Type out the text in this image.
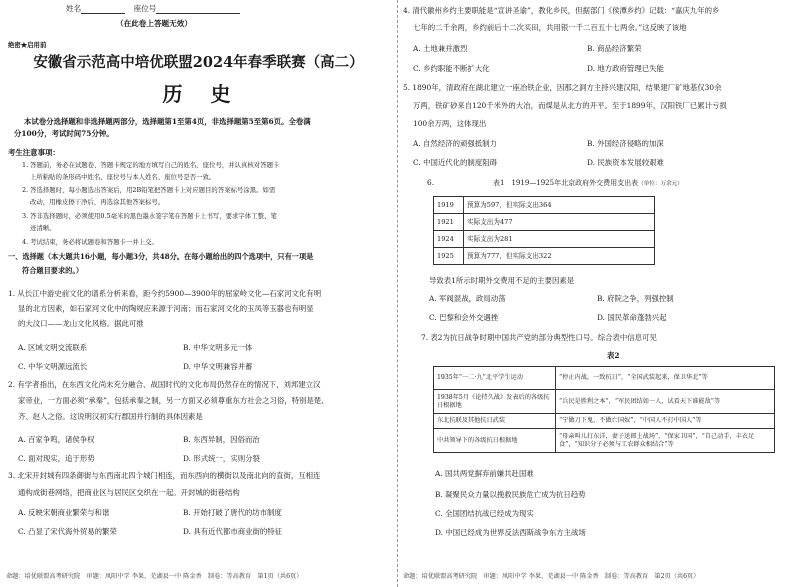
姓名	座位号
（在此卷上答题无效）
绝密★启用前
安徽省示范高中培优联盟2024年春季联赛（高二）
历　史
本试卷分选择题和非选择题两部分，选择题第1至第4页，非选择题第5至第6页。全卷满
分100分，考试时间75分钟。
考生注意事项：
1. 答题前，务必在试题卷、答题卡规定的地方填写自己的姓名、座位号，并认真核对答题卡
上所粘贴的条形码中姓名、座位号与本人姓名、座位号是否一致。
2. 答选择题时，每小题选出答案后，用2B铅笔把答题卡上对应题目的答案标号涂黑。如需
改动，用橡皮擦干净后，再选涂其他答案标号。
3. 答非选择题时，必须使用0.5毫米的黑色墨水签字笔在答题卡上书写，要求字体工整、笔
迹清晰。
4. 考试结束，务必将试题卷和答题卡一并上交。
一、选择题（本大题共16小题，每小题3分，共48分。在每小题给出的四个选项中，只有一项是
符合题目要求的。）
1. 从长江中游史前文化的谱系分析来看，距今约5900—3900年的屈家岭文化—石家河文化有明
显的北方因素，如石家河文化中的陶规应来源于河南；而石家河文化的玉凤等玉器也有明显
的大汶口——龙山文化风格。据此可推
A. 区域文明交流联系	B. 中华文明多元一体
C. 中华文明源远流长	D. 中华文明兼容并蓄
2. 有学者指出，在东西文化尚未充分融合、战国时代的文化布局仍然存在的情况下，刘邦建立汉
家帝业，一方面必须“承秦”，包括承秦之制，另一方面又必须尊重东方社会之习俗，特别是楚、
齐、赵人之俗。这说明汉初实行郡国并行制的具体因素是
A. 百家争鸣，诸侯争权	B. 东西异制，因俗而治
C. 面对现实，追于形势	D. 形式统一，实则分裂
3. 北宋开封城有四条御街与东西南北四个城门相连，而东西向的横街以及南北向的直街，互相连
通构成街巷网络，把商业区与居民区交织在一起。开封城的街巷结构
A. 反映宋朝商业繁荣与和谐	B. 开始打破了唐代的坊市制度
C. 凸显了宋代海外贸易的繁荣	D. 具有近代都市商业街的特征
命题：培优联盟高考研究院　审题：凤阳中学 李果、芜湖县一中 陈金香　制卷：等高教育　第1页（共6页）
4. 清代徽州乡约主要职能是“宣讲圣谕”，教化乡民，但据部门《侯潭乡约》记载：“嘉庆九年的乡
七年的二千余两，乡约前后十二次买田，共用银一千二百五十七两余。”这反映了该地
A. 土地兼并激烈	B. 商品经济繁荣
C. 乡约职能不断扩大化	D. 地方政府管理已失能
5. 1890年，清政府在湖北建立一座冶铁企业，因那之洞方主持兴建汉阳，结果建厂矿地基仅30余
万两，铁矿砂来自120千米外的大冶，而煤是从北方的开平。至于1899年，汉阳铁厂已累计亏损
100余万两，这体现出
A. 自然经济的顽强抵制力	B. 外国经济侵略的加深
C. 中国近代化的制度阻碍	D. 民族资本发展较艰难
6.	表1　1919—1925年北京政府外交费用支出表（单位：万余元）
1919	预算为597，但实际支出364
1921	实际支出为477
1924	实际支出为281
1925	预算为777，但实际支出322
导致表1所示时期外交费用不足的主要因素是
A. 军阀混战，政局动荡	B. 府院之争，列强控制
C. 巴黎和会外交遇挫	D. 国民革命蓬勃兴起
7. 表2为抗日战争时期中国共产党的部分典型性口号。综合表中信息可见
表2
1935年“一二·九”北平学生运动	“停止内战，一致抗日”，“全国武装起来，保卫华北”等
1938年5月《论持久战》发表后的各级抗日根据地	“兵民是胜利之本”，“军民团结如一人，试看天下谁能敌”等
东北抗联及其他抗日武装	“宁做刀下鬼，不做亡国奴”，“中国人不打中国人”等
中共领导下的各级抗日根据地	“母亲叫儿打东洋，妻子送郎上战场”，“保家卫国”，“自己动手，丰衣足食”，“知识分子必须与工农群众相结合”等
A. 国共两党摒弃前嫌共赴国难
B. 凝聚民众力量以挽救民族危亡成为抗日趋势
C. 全国团结抗战已经成为现实
D. 中国已经成为世界反法西斯战争东方主战场
命题：培优联盟高考研究院　审题：凤阳中学 李果、芜湖县一中 陈金香　制卷：等高教育　第2页（共6页）
